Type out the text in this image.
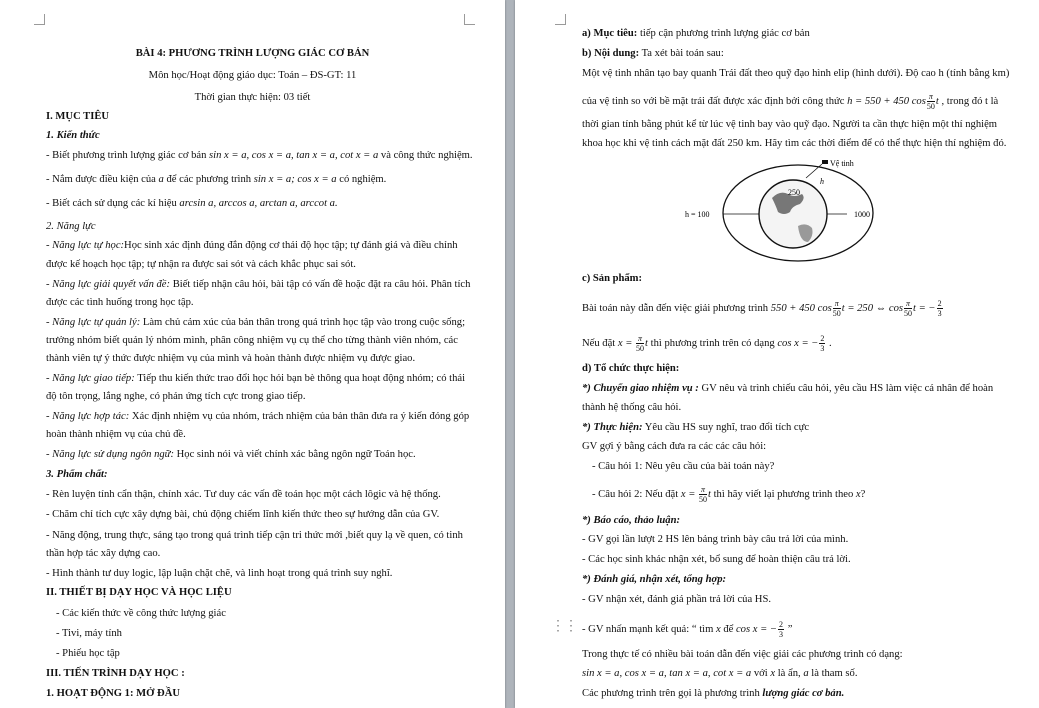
BÀI 4: PHƯƠNG TRÌNH LƯỢNG GIÁC CƠ BẢN
Môn học/Hoạt động giáo dục: Toán – ĐS-GT: 11
Thời gian thực hiện: 03 tiết
I. MỤC TIÊU
1. Kiến thức
- Biết phương trình lượng giác cơ bản sin x = a, cos x = a, tan x = a, cot x = a và công thức nghiệm.
- Nắm được điều kiện của a để các phương trình sin x = a; cos x = a có nghiệm.
- Biết cách sử dụng các kí hiệu arcsin a, arccos a, arctan a, arccot a.
2. Năng lực
- Năng lực tự học:Học sinh xác định đúng đắn động cơ thái độ học tập; tự đánh giá và điều chỉnh
được kế hoạch học tập; tự nhận ra được sai sót và cách khắc phục sai sót.
- Năng lực giải quyết vấn đề: Biết tiếp nhận câu hỏi, bài tập có vấn đề hoặc đặt ra câu hỏi. Phân tích
được các tình huống trong học tập.
- Năng lực tự quản lý: Làm chủ cảm xúc của bản thân trong quá trình học tập vào trong cuộc sống;
trưởng nhóm biết quản lý nhóm mình, phân công nhiệm vụ cụ thể cho từng thành viên nhóm, các
thành viên tự ý thức được nhiệm vụ của mình và hoàn thành được nhiệm vụ được giao.
- Năng lực giao tiếp: Tiếp thu kiến thức trao đổi học hỏi bạn bè thông qua hoạt động nhóm; có thái
độ tôn trọng, lắng nghe, có phản ứng tích cực trong giao tiếp.
- Năng lực hợp tác: Xác định nhiệm vụ của nhóm, trách nhiệm của bản thân đưa ra ý kiến đóng góp
hoàn thành nhiệm vụ của chủ đề.
- Năng lực sử dụng ngôn ngữ: Học sinh nói và viết chính xác bằng ngôn ngữ Toán học.
3. Phẩm chất:
- Rèn luyện tính cẩn thận, chính xác. Tư duy các vấn đề toán học một cách lôgic và hệ thống.
- Chăm chỉ tích cực xây dựng bài, chủ động chiếm lĩnh kiến thức theo sự hướng dẫn của GV.
- Năng động, trung thực, sáng tạo trong quá trình tiếp cận tri thức mới ,biết quy lạ về quen, có tinh
thần hợp tác xây dựng cao.
- Hình thành tư duy logic, lập luận chặt chẽ, và linh hoạt trong quá trình suy nghĩ.
II. THIẾT BỊ DẠY HỌC VÀ HỌC LIỆU
- Các kiến thức về công thức lượng giác
- Tivi, máy tính
- Phiếu học tập
III. TIẾN TRÌNH DẠY HỌC :
1. HOẠT ĐỘNG 1: MỞ ĐẦU
a) Mục tiêu: tiếp cận phương trình lượng giác cơ bản
b) Nội dung: Ta xét bài toán sau:
Một vệ tinh nhân tạo bay quanh Trái đất theo quỹ đạo hình elip (hình dưới). Độ cao h (tính bằng km)
của vệ tinh so với bề mặt trái đất được xác định bởi công thức h = 550 + 450 $\cos \frac{\pi}{50}$ t , trong đó t là
thời gian tính bằng phút kể từ lúc vệ tinh bay vào quỹ đạo. Người ta cần thực hiện một thí nghiệm
khoa học khi vệ tinh cách mặt đất 250 km. Hãy tìm các thời điểm để có thể thực hiện thí nghiệm đó.
Vệ tinh
h
h = 100	1000
250
c) Sản phẩm:
Bài toán này dẫn đến việc giải phương trình 550 + 450 $\cos \frac{\pi}{50}$ t = 250 ⇔ $\cos \frac{\pi}{50}$ t = − $\frac{2}{3}$
Nếu đặt $x = \frac{\pi}{50}$ t thì phương trình trên có dạng cos x = − $\frac{2}{3}$ .
d) Tổ chức thực hiện:
*) Chuyển giao nhiệm vụ : GV nêu và trình chiếu câu hỏi, yêu cầu HS làm việc cá nhân để hoàn
thành hệ thống câu hỏi.
*) Thực hiện: Yêu cầu HS suy nghĩ, trao đổi tích cực
GV gợi ý bằng cách đưa ra các các câu hỏi:
- Câu hỏi 1: Nêu yêu cầu của bài toán này?
- Câu hỏi 2: Nếu đặt $x = \frac{\pi}{50}$ t thì hãy viết lại phương trình theo x?
*) Báo cáo, thảo luận:
- GV gọi lần lượt 2 HS lên bảng trình bày câu trả lời của mình.
- Các học sinh khác nhận xét, bổ sung để hoàn thiện câu trả lời.
*) Đánh giá, nhận xét, tổng hợp:
- GV nhận xét, đánh giá phần trả lời của HS.
- GV nhấn mạnh kết quả: “ tìm x để cos x = − $\frac{2}{3}$ ”
Trong thực tế có nhiều bài toán dẫn đến việc giải các phương trình có dạng:
sin x = a, cos x = a, tan x = a, cot x = a với x là ẩn, a là tham số.
Các phương trình trên gọi là phương trình lượng giác cơ bản.
⋮⋮
